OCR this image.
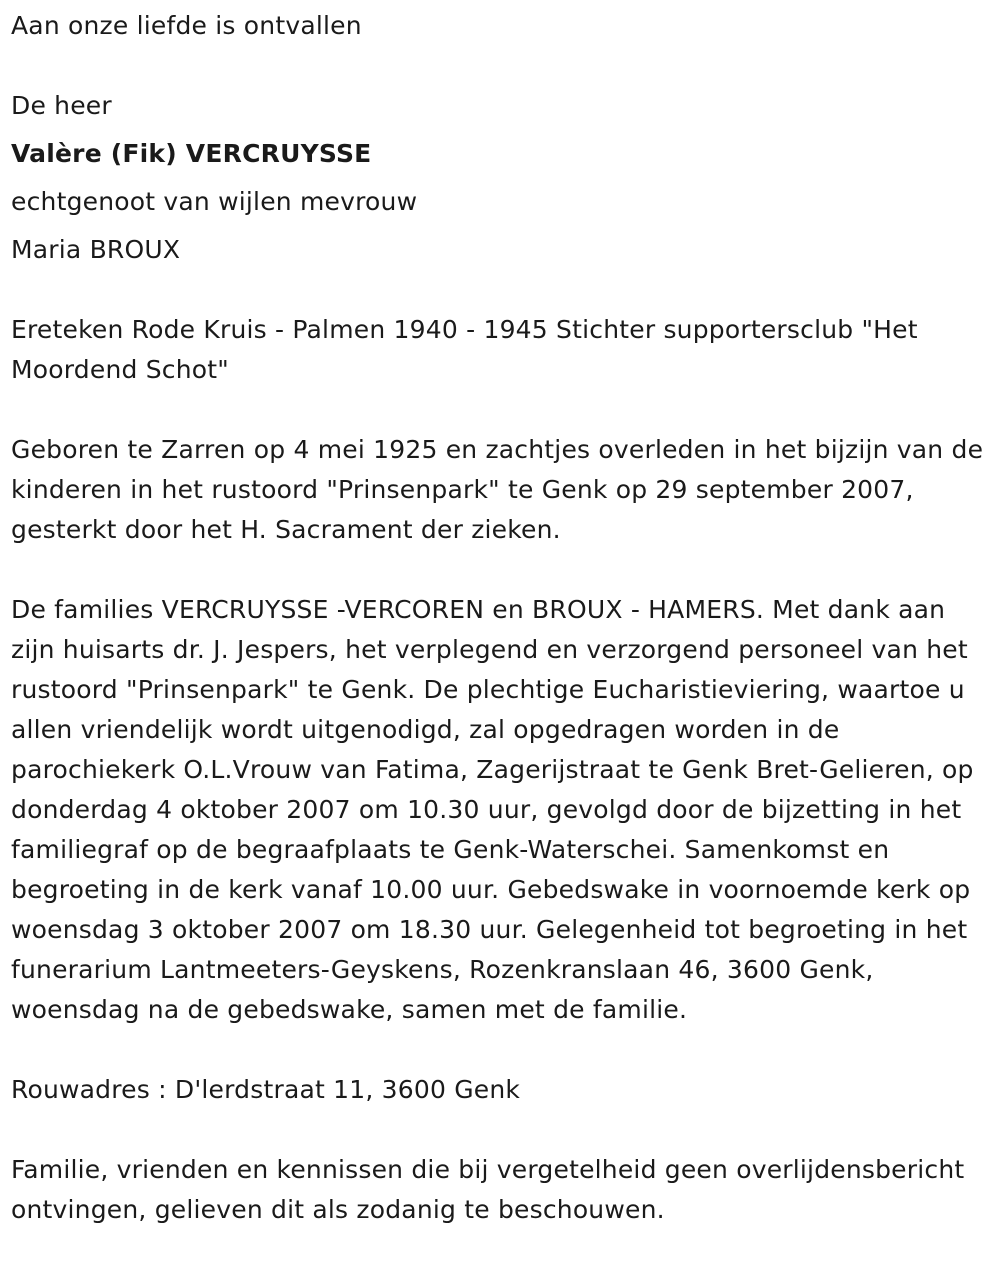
Aan onze liefde is ontvallen

De heer

Valère (Fik) VERCRUYSSE

echtgenoot van wijlen mevrouw

Maria BROUX

Ereteken Rode Kruis - Palmen 1940 - 1945 Stichter supportersclub "Het Moordend Schot"

Geboren te Zarren op 4 mei 1925 en zachtjes overleden in het bijzijn van de kinderen in het rustoord "Prinsenpark" te Genk op 29 september 2007, gesterkt door het H. Sacrament der zieken.

De families VERCRUYSSE -VERCOREN en BROUX - HAMERS. Met dank aan zijn huisarts dr. J. Jespers, het verplegend en verzorgend personeel van het rustoord "Prinsenpark" te Genk. De plechtige Eucharistieviering, waartoe u allen vriendelijk wordt uitgenodigd, zal opgedragen worden in de parochiekerk O.L.Vrouw van Fatima, Zagerijstraat te Genk Bret-Gelieren, op donderdag 4 oktober 2007 om 10.30 uur, gevolgd door de bijzetting in het familiegraf op de begraafplaats te Genk-Waterschei. Samenkomst en begroeting in de kerk vanaf 10.00 uur. Gebedswake in voornoemde kerk op woensdag 3 oktober 2007 om 18.30 uur. Gelegenheid tot begroeting in het funerarium Lantmeeters-Geyskens, Rozenkranslaan 46, 3600 Genk, woensdag na de gebedswake, samen met de familie.

Rouwadres : D'lerdstraat 11, 3600 Genk

Familie, vrienden en kennissen die bij vergetelheid geen overlijdensbericht ontvingen, gelieven dit als zodanig te beschouwen.
